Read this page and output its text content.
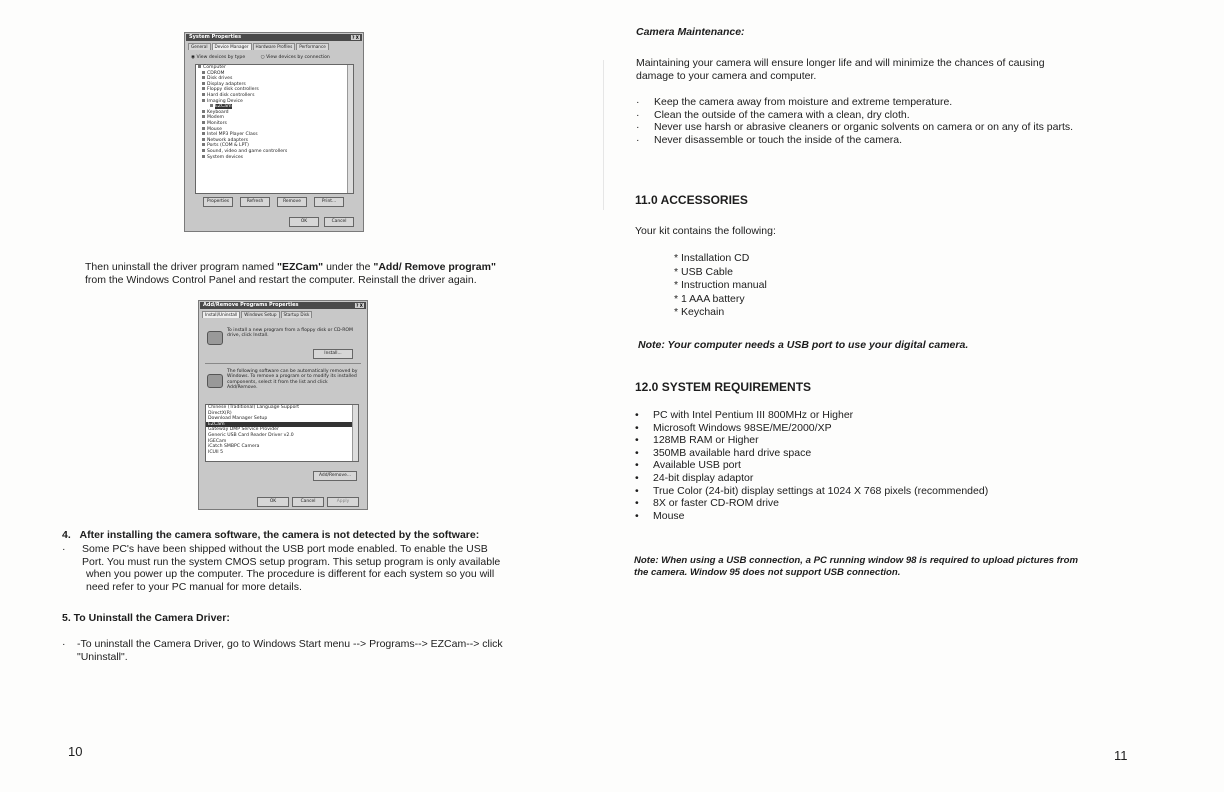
System Properties	? X
General	Device Manager	Hardware Profiles	Performance
◉ View devices by type	○ View devices by connection
Computer
CDROM
Disk drives
Display adapters
Floppy disk controllers
Hard disk controllers
Imaging Device
EZCam
Keyboard
Modem
Monitors
Mouse
Intel MP3 Player Class
Network adapters
Ports (COM & LPT)
Sound, video and game controllers
System devices
Properties	Refresh	Remove	Print...
OK	Cancel
Then uninstall the driver program named "EZCam" under the "Add/ Remove program"
from the Windows Control Panel and restart the computer. Reinstall the driver again.
Add/Remove Programs Properties	? X
Install/Uninstall	Windows Setup	Startup Disk
To install a new program from a floppy disk or CD-ROM drive, click Install.
Install...
The following software can be automatically removed by Windows. To remove a program or to modify its installed components, select it from the list and click Add/Remove.
Chinese (Traditional) Language Support
DirectX(R)
Download Manager Setup
EZCam
Gateway DMP Service Provider
Generic USB Card Reader Driver v2.0
IGECam
iCatch SMBPC Camera
ICUII 5
Add/Remove...
OK	Cancel	Apply
4. After installing the camera software, the camera is not detected by the software:
·	Some PC's have been shipped without the USB port mode enabled. To enable the USB
Port. You must run the system CMOS setup program. This setup program is only available
when you power up the computer. The procedure is different for each system so you will
need refer to your PC manual for more details.
5. To Uninstall the Camera Driver:
·	-To uninstall the Camera Driver, go to Windows Start menu --> Programs--> EZCam--> click
"Uninstall".
10
Camera Maintenance:
Maintaining your camera will ensure longer life and will minimize the chances of causing
damage to your camera and computer.
· Keep the camera away from moisture and extreme temperature.
· Clean the outside of the camera with a clean, dry cloth.
· Never use harsh or abrasive cleaners or organic solvents on camera or on any of its parts.
· Never disassemble or touch the inside of the camera.
11.0 ACCESSORIES
Your kit contains the following:
* Installation CD
* USB Cable
* Instruction manual
* 1 AAA battery
* Keychain
Note: Your computer needs a USB port to use your digital camera.
12.0 SYSTEM REQUIREMENTS
• PC with Intel Pentium III 800MHz or Higher
• Microsoft Windows 98SE/ME/2000/XP
• 128MB RAM or Higher
• 350MB available hard drive space
• Available USB port
• 24-bit display adaptor
• True Color (24-bit) display settings at 1024 X 768 pixels (recommended)
• 8X or faster CD-ROM drive
• Mouse
Note: When using a USB connection, a PC running window 98 is required to upload pictures from
the camera. Window 95 does not support USB connection.
11
